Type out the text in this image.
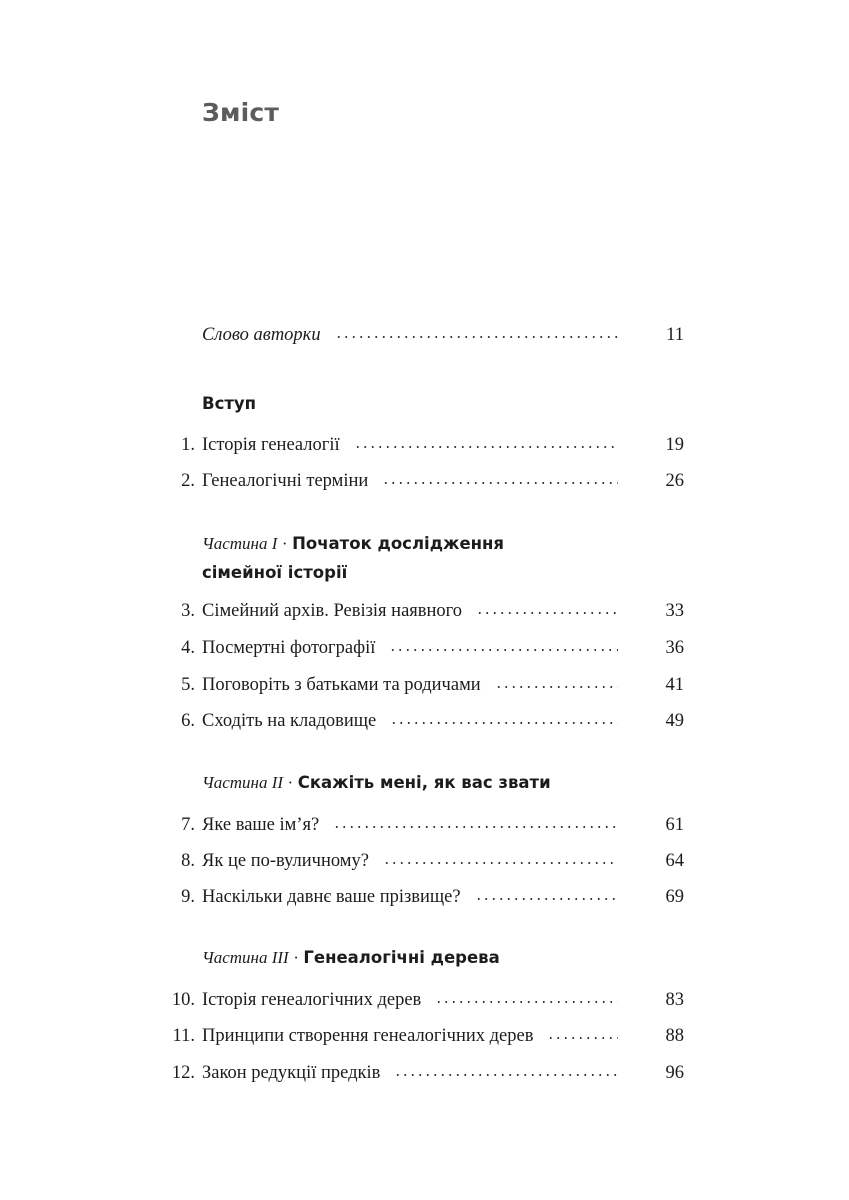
Зміст
Слово авторки	11
Вступ
1. Історія генеалогії	19
2. Генеалогічні терміни	26
Частина I · Початок дослідження
сімейної історії
3. Сімейний архів. Ревізія наявного	33
4. Посмертні фотографії	36
5. Поговоріть з батьками та родичами	41
6. Сходіть на кладовище	49
Частина II · Скажіть мені, як вас звати
7. Яке ваше ім’я?	61
8. Як це по-вуличному?	64
9. Наскільки давнє ваше прізвище?	69
Частина III · Генеалогічні дерева
10. Історія генеалогічних дерев	83
11. Принципи створення генеалогічних дерев	88
12. Закон редукції предків	96
